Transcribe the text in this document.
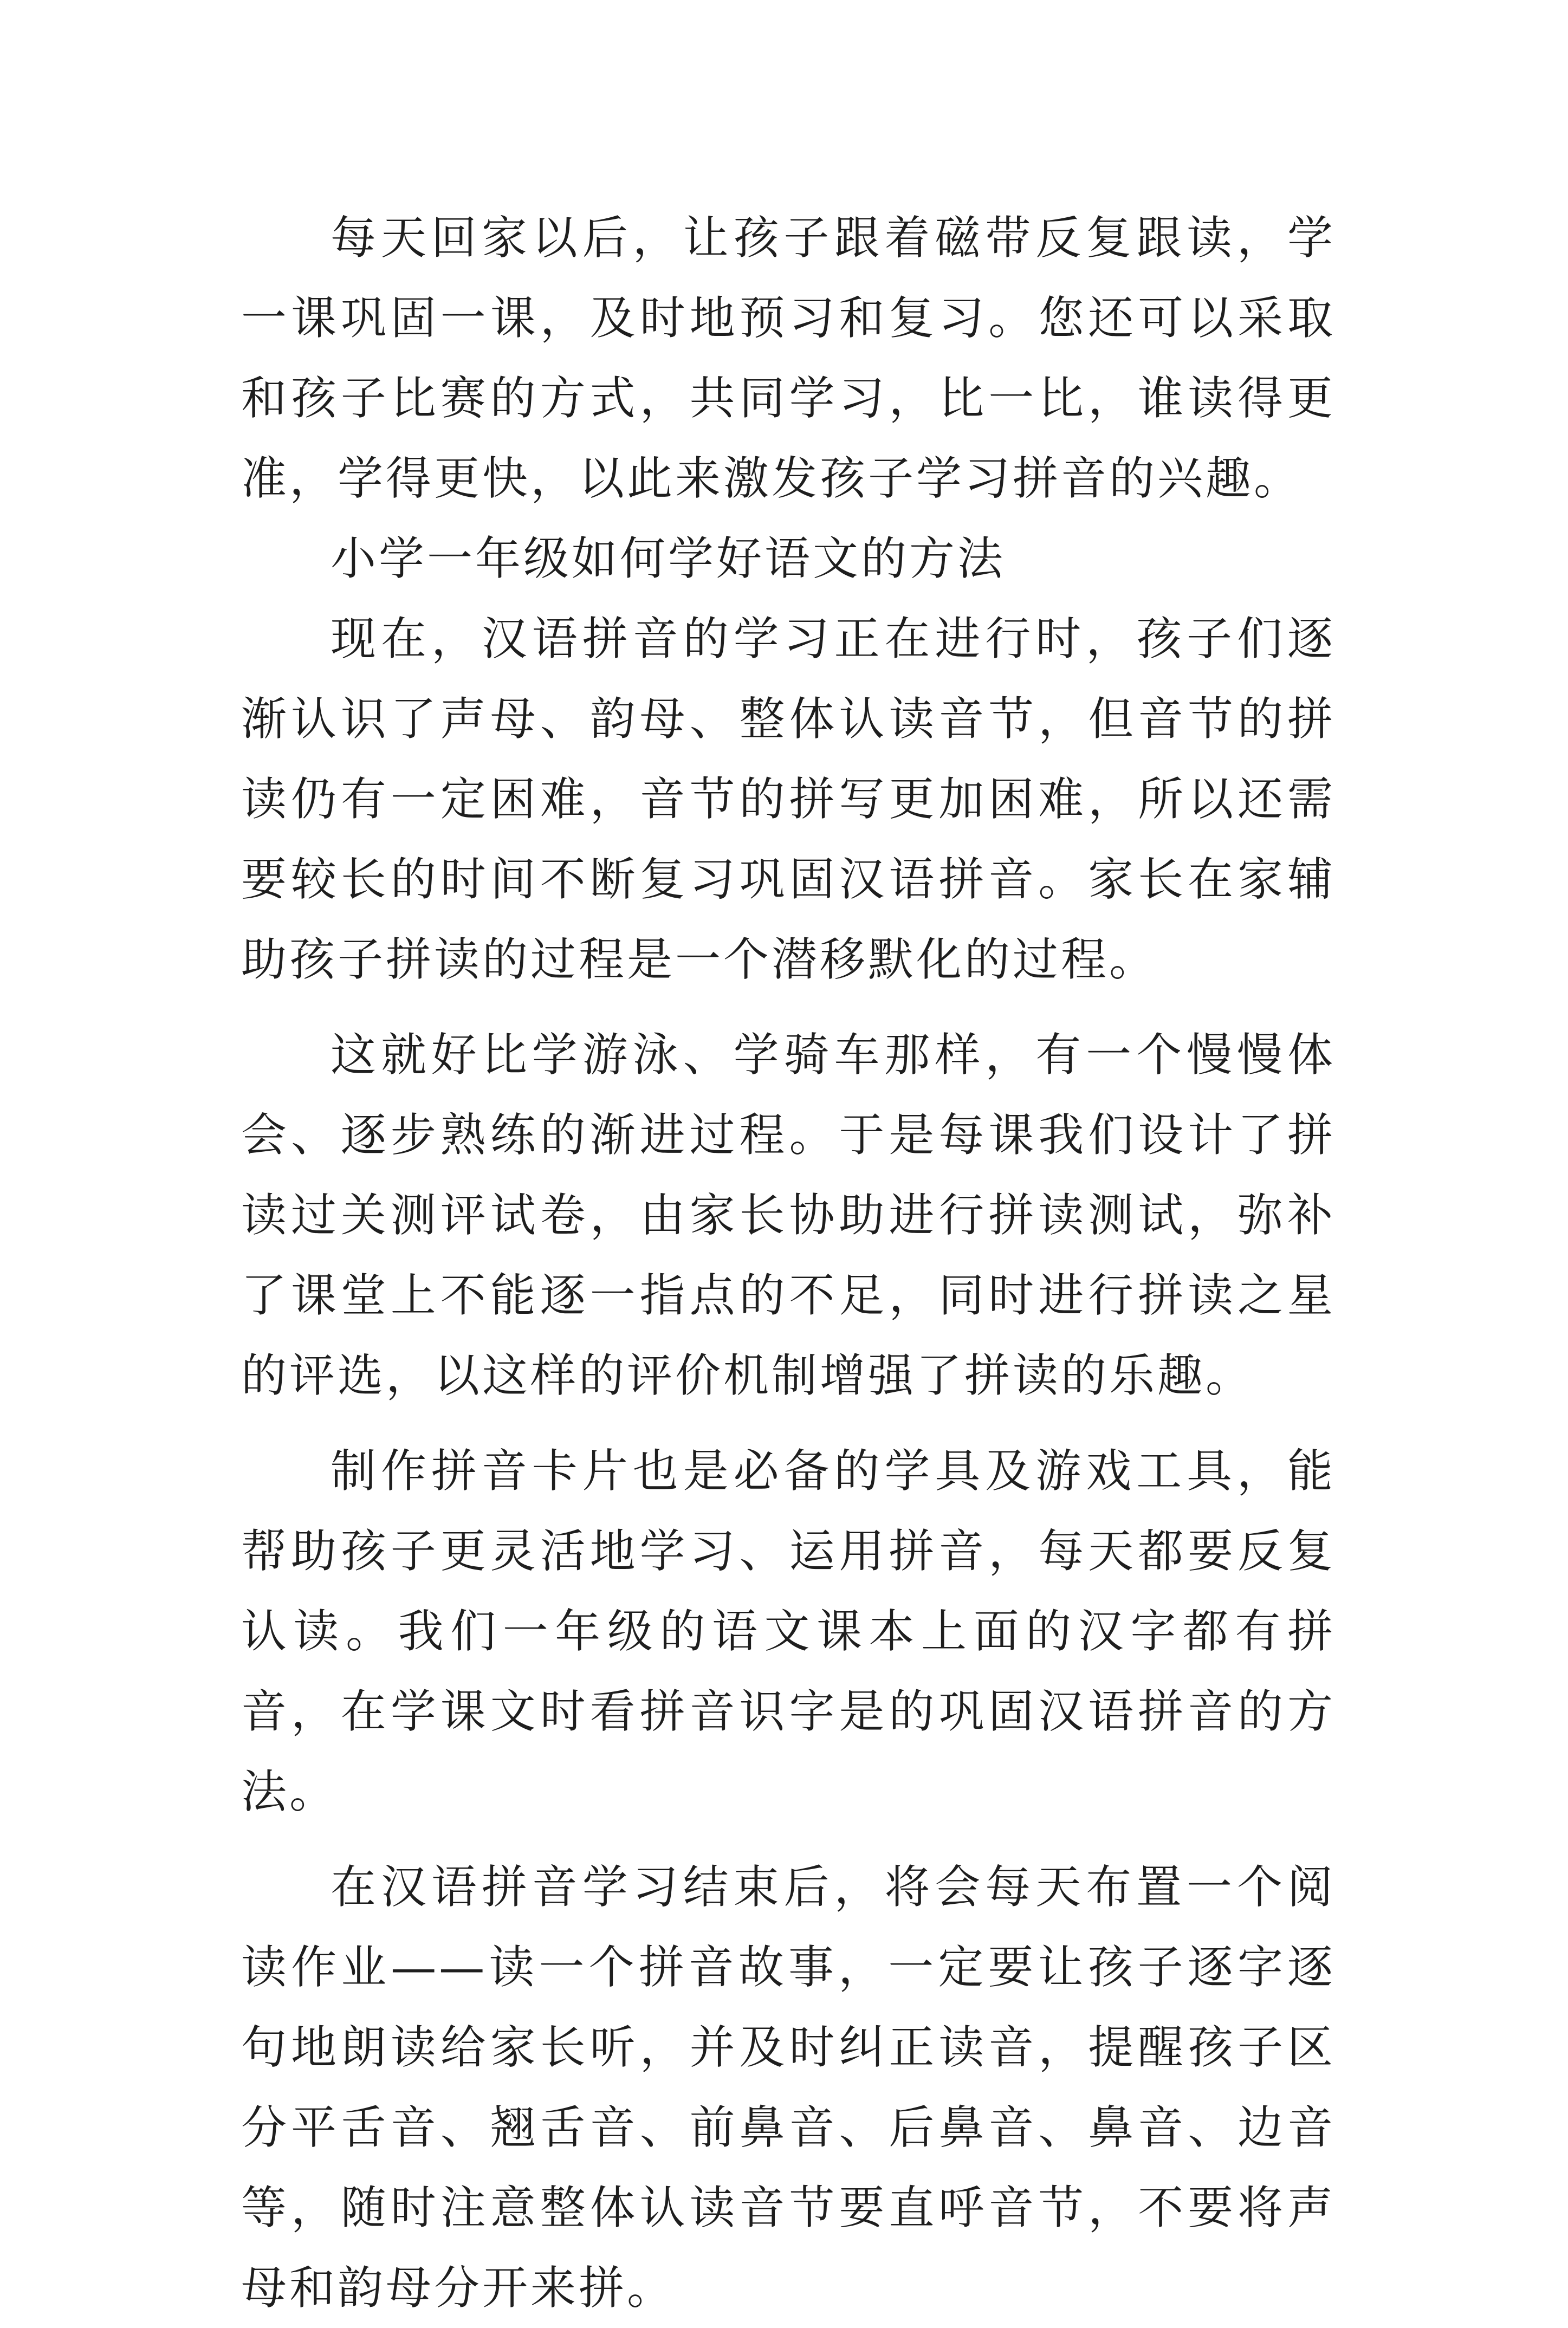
每天回家以后，让孩子跟着磁带反复跟读，学一课巩固一课，及时地预习和复习。您还可以采取和孩子比赛的方式，共同学习，比一比，谁读得更准，学得更快，以此来激发孩子学习拼音的兴趣。

小学一年级如何学好语文的方法

现在，汉语拼音的学习正在进行时，孩子们逐渐认识了声母、韵母、整体认读音节，但音节的拼读仍有一定困难，音节的拼写更加困难，所以还需要较长的时间不断复习巩固汉语拼音。家长在家辅助孩子拼读的过程是一个潜移默化的过程。

这就好比学游泳、学骑车那样，有一个慢慢体会、逐步熟练的渐进过程。于是每课我们设计了拼读过关测评试卷，由家长协助进行拼读测试，弥补了课堂上不能逐一指点的不足，同时进行拼读之星的评选，以这样的评价机制增强了拼读的乐趣。

制作拼音卡片也是必备的学具及游戏工具，能帮助孩子更灵活地学习、运用拼音，每天都要反复认读。我们一年级的语文课本上面的汉字都有拼音，在学课文时看拼音识字是的巩固汉语拼音的方法。

在汉语拼音学习结束后，将会每天布置一个阅读作业——读一个拼音故事，一定要让孩子逐字逐句地朗读给家长听，并及时纠正读音，提醒孩子区分平舌音、翘舌音、前鼻音、后鼻音、鼻音、边音等，随时注意整体认读音节要直呼音节，不要将声母和韵母分开来拼。
